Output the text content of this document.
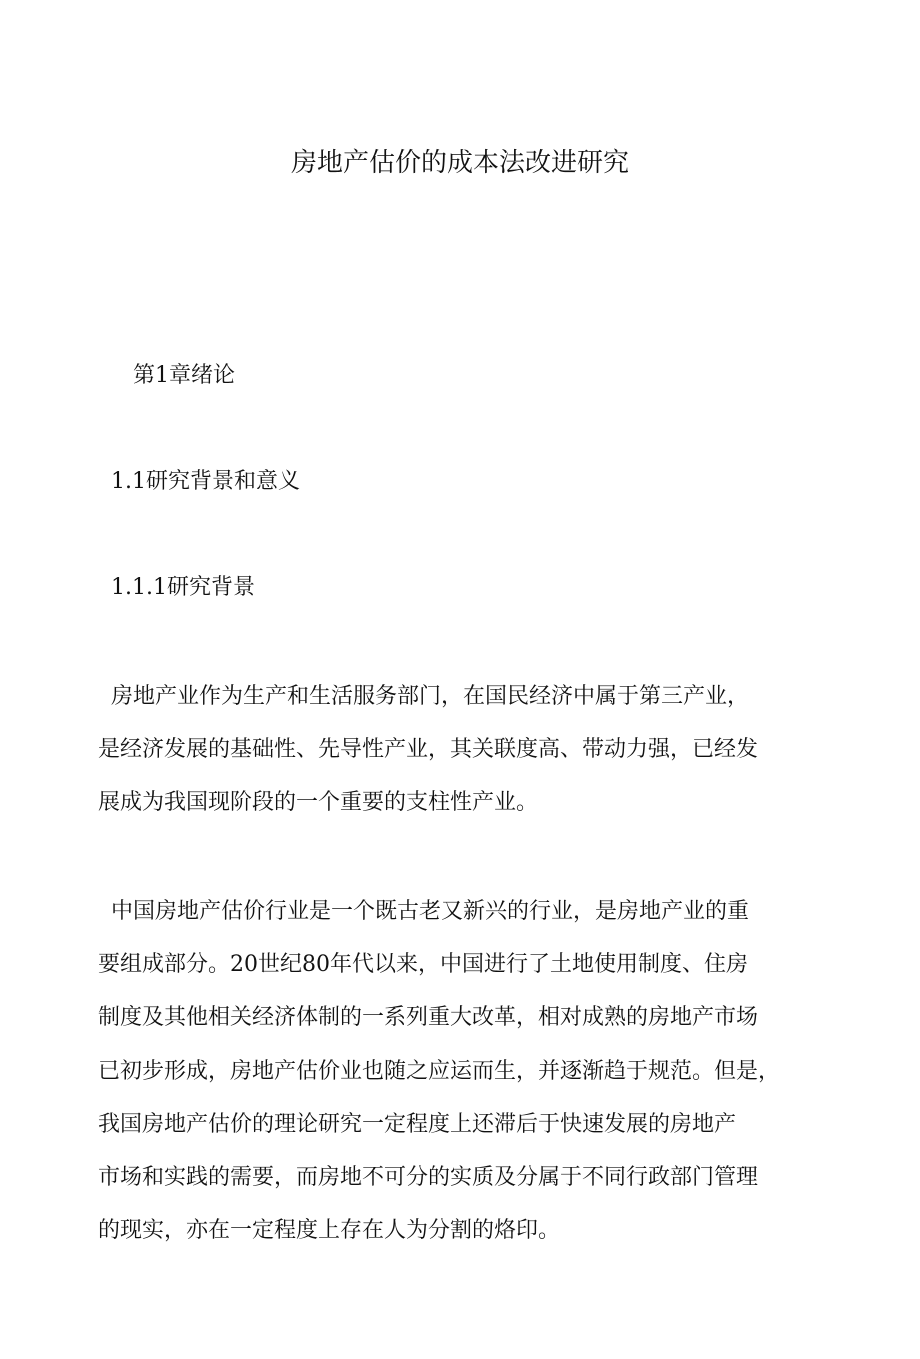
房地产估价的成本法改进研究
第1章绪论
1.1研究背景和意义
1.1.1研究背景
房地产业作为生产和生活服务部门，在国民经济中属于第三产业，
是经济发展的基础性、先导性产业，其关联度高、带动力强，已经发
展成为我国现阶段的一个重要的支柱性产业。
中国房地产估价行业是一个既古老又新兴的行业，是房地产业的重
要组成部分。20世纪80年代以来，中国进行了土地使用制度、住房
制度及其他相关经济体制的一系列重大改革，相对成熟的房地产市场
已初步形成，房地产估价业也随之应运而生，并逐渐趋于规范。但是，
我国房地产估价的理论研究一定程度上还滞后于快速发展的房地产
市场和实践的需要，而房地不可分的实质及分属于不同行政部门管理
的现实，亦在一定程度上存在人为分割的烙印。
